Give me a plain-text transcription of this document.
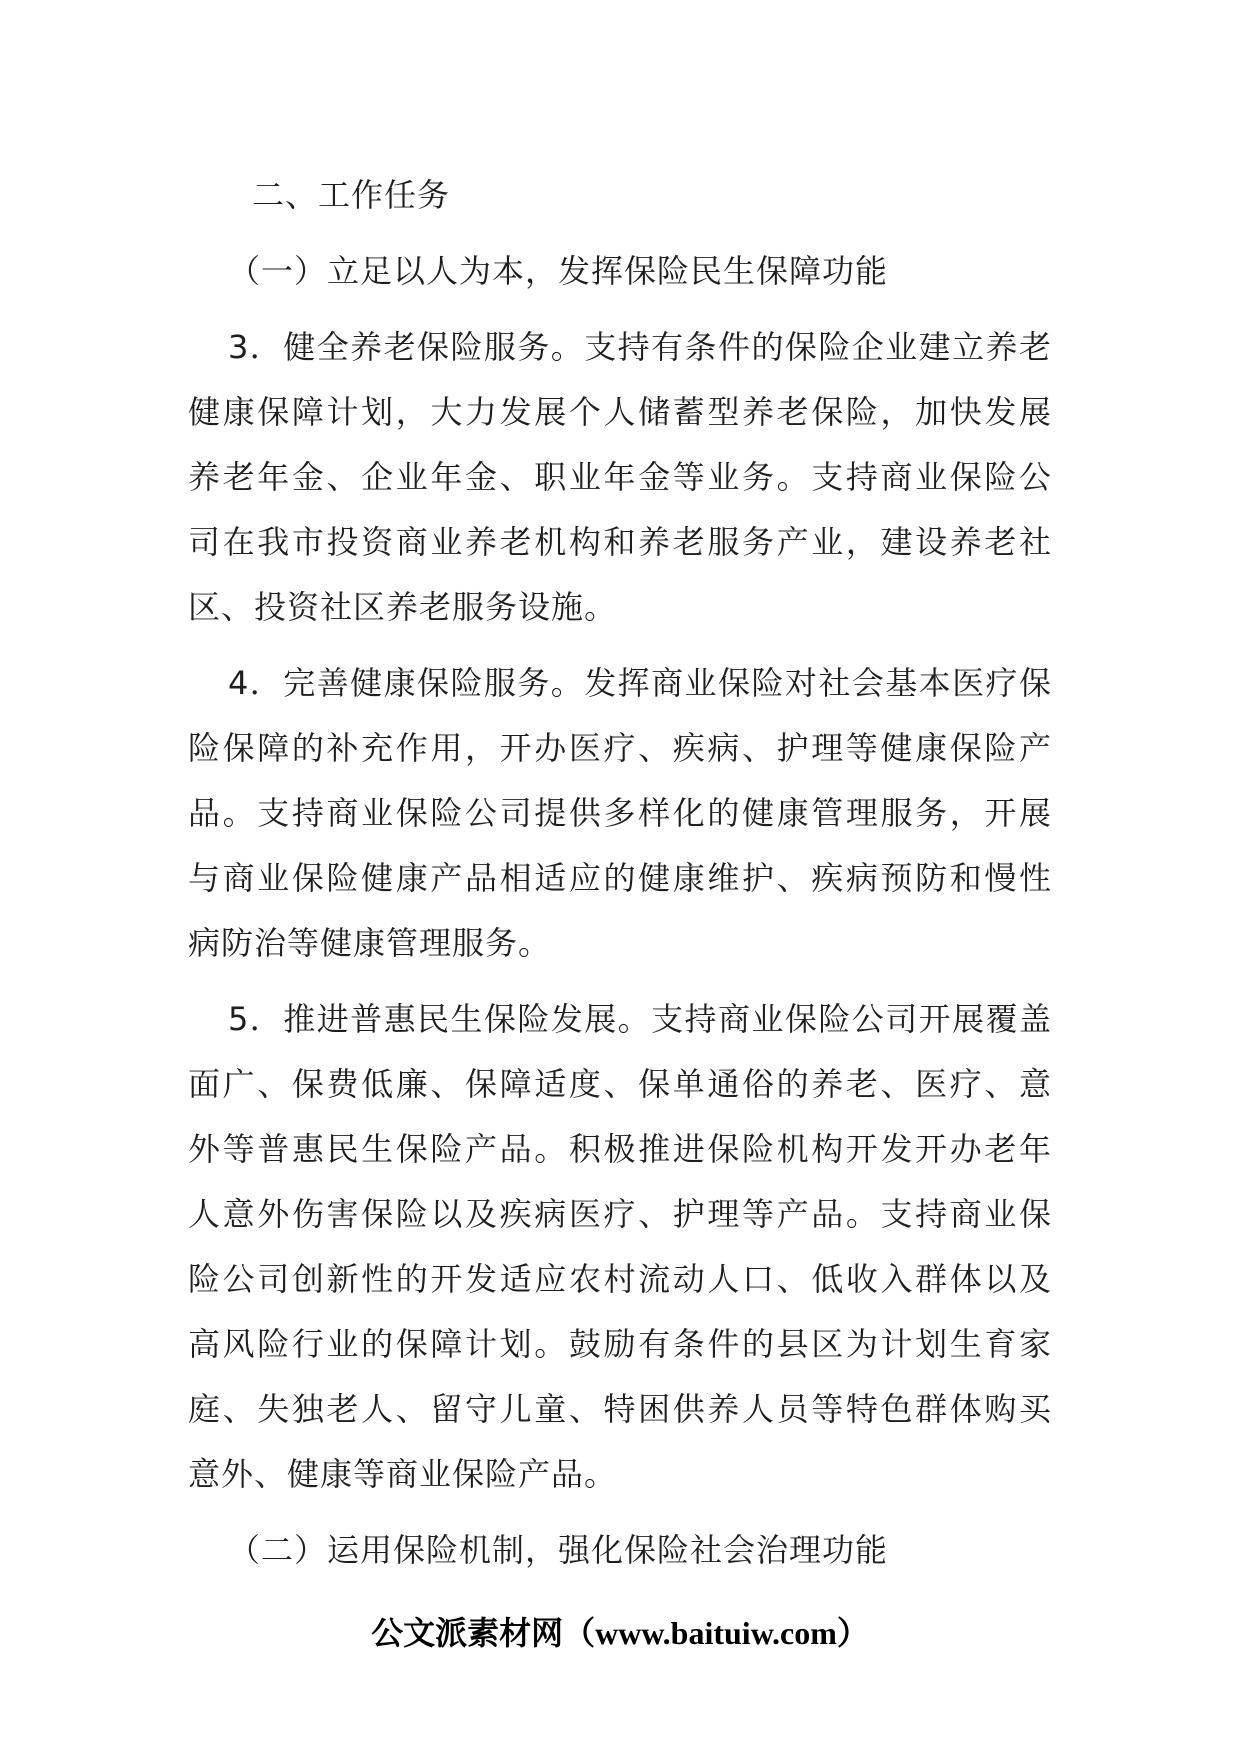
二、工作任务
（一）立足以人为本，发挥保险民生保障功能
3．健全养老保险服务。支持有条件的保险企业建立养老
健康保障计划，大力发展个人储蓄型养老保险，加快发展
养老年金、企业年金、职业年金等业务。支持商业保险公
司在我市投资商业养老机构和养老服务产业，建设养老社
区、投资社区养老服务设施。
4．完善健康保险服务。发挥商业保险对社会基本医疗保
险保障的补充作用，开办医疗、疾病、护理等健康保险产
品。支持商业保险公司提供多样化的健康管理服务，开展
与商业保险健康产品相适应的健康维护、疾病预防和慢性
病防治等健康管理服务。
5．推进普惠民生保险发展。支持商业保险公司开展覆盖
面广、保费低廉、保障适度、保单通俗的养老、医疗、意
外等普惠民生保险产品。积极推进保险机构开发开办老年
人意外伤害保险以及疾病医疗、护理等产品。支持商业保
险公司创新性的开发适应农村流动人口、低收入群体以及
高风险行业的保障计划。鼓励有条件的县区为计划生育家
庭、失独老人、留守儿童、特困供养人员等特色群体购买
意外、健康等商业保险产品。
（二）运用保险机制，强化保险社会治理功能
公文派素材网（www.baituiw.com）
